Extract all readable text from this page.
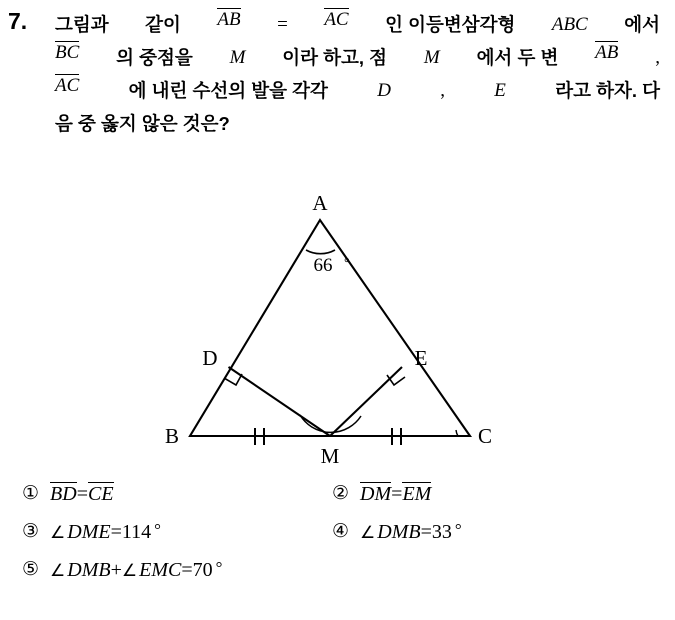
7. 그림과 같이 AB = AC 인 이등변삼각형 ABC 에서
BC 의 중점을 M 이라 하고, 점 M 에서 두 변 AB ,
AC	에 내린 수선의 발을 각각	D	,	E	라고 하자. 다
음 중 옳지 않은 것은?
66 °
A
B	C
D	E
M
① BD=CE	② DM=EM
③ ∠ DME=114 °	④ ∠ DMB=33 °
⑤ ∠ DMB+∠ EMC=70 °
